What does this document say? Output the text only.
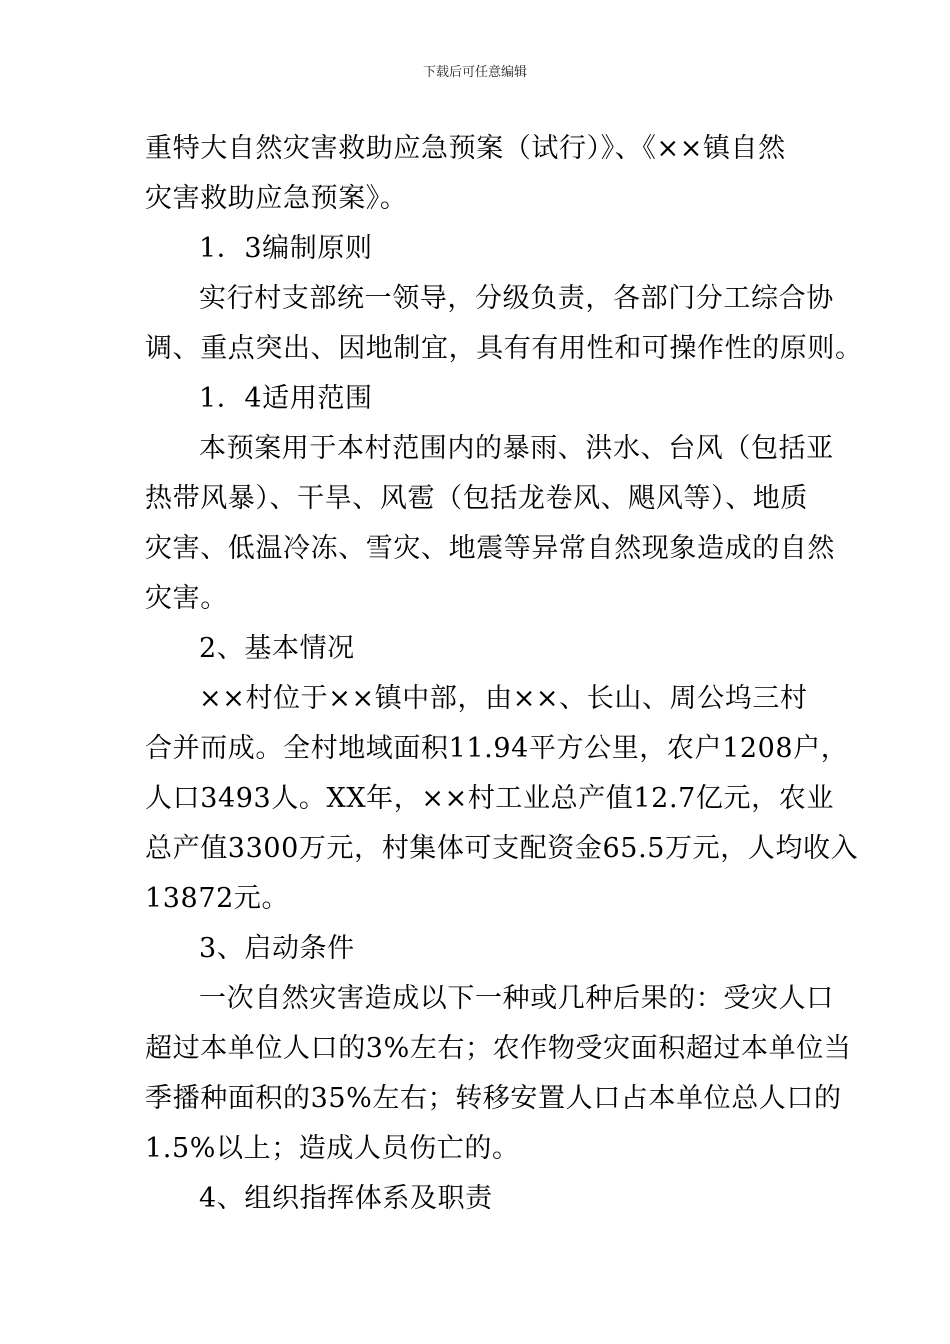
下载后可任意编辑
重特大自然灾害救助应急预案（试行）》、《××镇自然
灾害救助应急预案》。
1．3编制原则
实行村支部统一领导，分级负责，各部门分工综合协
调、重点突出、因地制宜，具有有用性和可操作性的原则。
1．4适用范围
本预案用于本村范围内的暴雨、洪水、台风（包括亚
热带风暴）、干旱、风雹（包括龙卷风、飓风等）、地质
灾害、低温冷冻、雪灾、地震等异常自然现象造成的自然
灾害。
2、基本情况
××村位于××镇中部，由××、长山、周公坞三村
合并而成。全村地域面积11.94平方公里，农户1208户，
人口3493人。XX年，××村工业总产值12.7亿元，农业
总产值3300万元，村集体可支配资金65.5万元，人均收入
13872元。
3、启动条件
一次自然灾害造成以下一种或几种后果的：受灾人口
超过本单位人口的3%左右；农作物受灾面积超过本单位当
季播种面积的35%左右；转移安置人口占本单位总人口的
1.5%以上；造成人员伤亡的。
4、组织指挥体系及职责
